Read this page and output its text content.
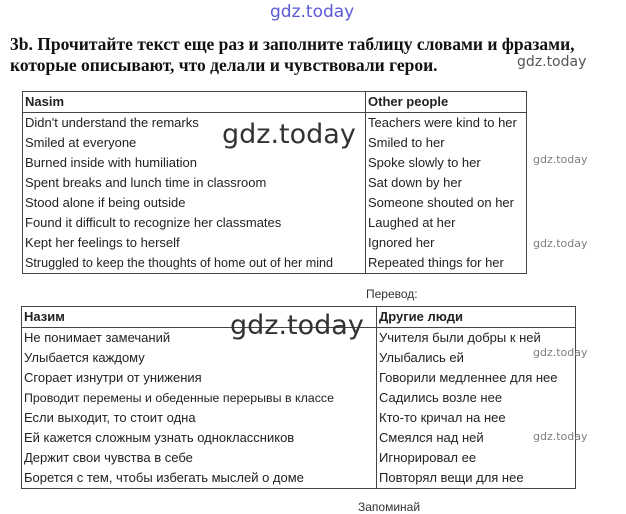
gdz.today
3b. Прочитайте текст еще раз и заполните таблицу словами и фразами, которые описывают, что делали и чувствовали герои.	gdz.today
Nasim	Other people
Didn't understand the remarks	Teachers were kind to her
Smiled at everyone	Smiled to her
Burned inside with humiliation	Spoke slowly to her
Spent breaks and lunch time in classroom	Sat down by her
Stood alone if being outside	Someone shouted on her
Found it difficult to recognize her classmates	Laughed at her
Kept her feelings to herself	Ignored her
Struggled to keep the thoughts of home out of her mind	Repeated things for her
gdz.today
gdz.today
gdz.today
Перевод:
Назим	Другие люди
Не понимает замечаний	Учителя были добры к ней
Улыбается каждому	Улыбались ей
Сгорает изнутри от унижения	Говорили медленнее для нее
Проводит перемены и обеденные перерывы в классе	Садились возле нее
Если выходит, то стоит одна	Кто-то кричал на нее
Ей кажется сложным узнать одноклассников	Смеялся над ней
Держит свои чувства в себе	Игнорировал ее
Борется с тем, чтобы избегать мыслей о доме	Повторял вещи для нее
gdz.today
gdz.today
gdz.today
Запоминай
